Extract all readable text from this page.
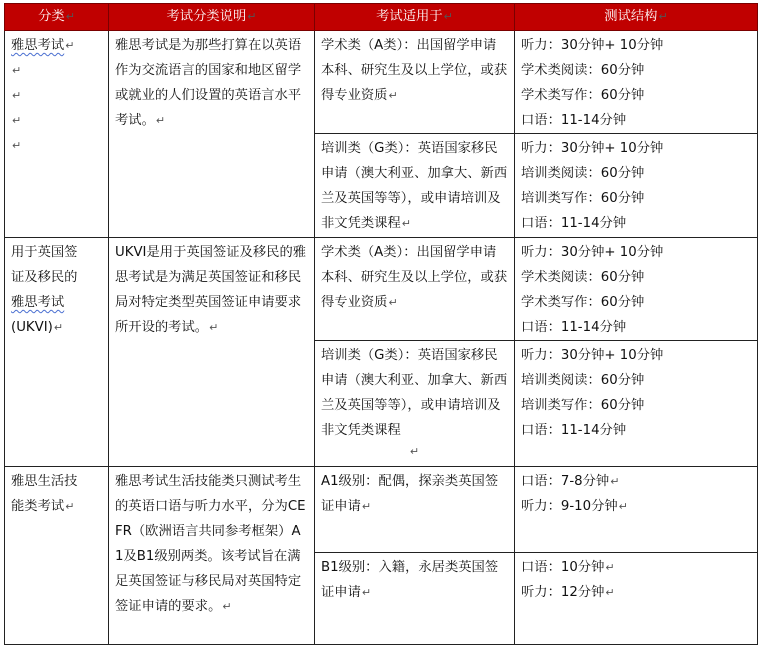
分类↵	考试分类说明↵	考试适用于↵	测试结构↵

雅思考试↵
↵
↵
↵
↵	雅思考试是为那些打算在以英语作为交流语言的国家和地区留学或就业的人们设置的英语言水平考试。↵	学术类（A类）：出国留学申请本科、研究生及以上学位，或获得专业资质↵	听力：30分钟+ 10分钟
学术类阅读：60分钟
学术类写作：60分钟
口语：11-14分钟

		培训类（G类）：英语国家移民申请（澳大利亚、加拿大、新西兰及英国等等），或申请培训及非文凭类课程↵	听力：30分钟+ 10分钟
培训类阅读：60分钟
培训类写作：60分钟
口语：11-14分钟

用于英国签
证及移民的
雅思考试
(UKVI)↵	UKVI是用于英国签证及移民的雅思考试是为满足英国签证和移民局对特定类型英国签证申请要求所开设的考试。↵	学术类（A类）：出国留学申请本科、研究生及以上学位，或获得专业资质↵	听力：30分钟+ 10分钟
学术类阅读：60分钟
学术类写作：60分钟
口语：11-14分钟

		培训类（G类）：英语国家移民申请（澳大利亚、加拿大、新西兰及英国等等），或申请培训及非文凭类课程
↵	听力：30分钟+ 10分钟
培训类阅读：60分钟
培训类写作：60分钟
口语：11-14分钟

雅思生活技
能类考试↵	雅思考试生活技能类只测试考生的英语口语与听力水平，分为CEFR（欧洲语言共同参考框架）A1及B1级别两类。该考试旨在满足英国签证与移民局对英国特定签证申请的要求。↵	A1级别：配偶，探亲类英国签证申请↵	口语：7-8分钟↵
听力：9-10分钟↵

		B1级别：入籍，永居类英国签证申请↵	口语：10分钟↵
听力：12分钟↵
